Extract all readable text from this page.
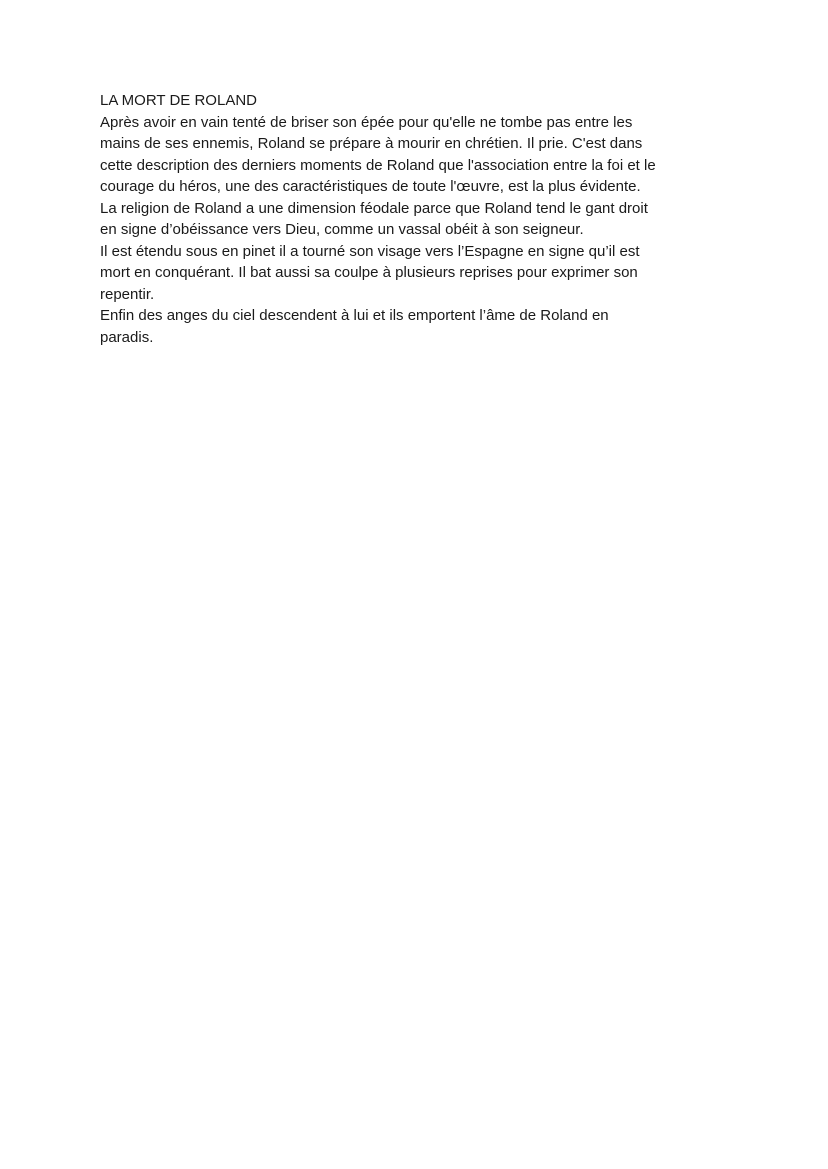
LA MORT DE ROLAND
Après avoir en vain tenté de briser son épée pour qu'elle ne tombe pas entre les
mains de ses ennemis, Roland se prépare à mourir en chrétien. Il prie. C'est dans
cette description des derniers moments de Roland que l'association entre la foi et le
courage du héros, une des caractéristiques de toute l'œuvre, est la plus évidente.
La religion de Roland a une dimension féodale parce que Roland tend le gant droit
en signe d’obéissance vers Dieu, comme un vassal obéit à son seigneur.
Il est étendu sous en pinet il a tourné son visage vers l’Espagne en signe qu’il est
mort en conquérant. Il bat aussi sa coulpe à plusieurs reprises pour exprimer son
repentir.
Enfin des anges du ciel descendent à lui et ils emportent l’âme de Roland en
paradis.
